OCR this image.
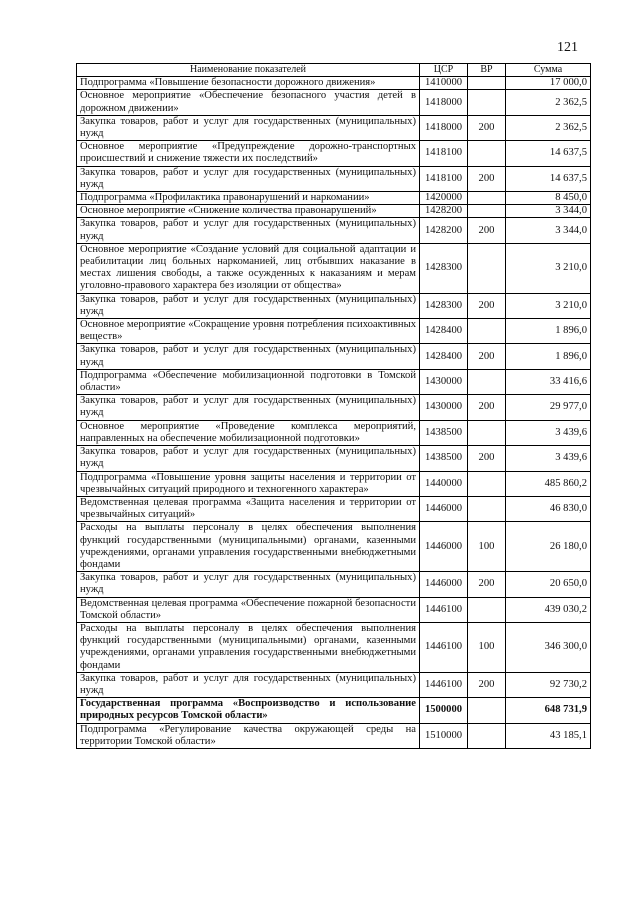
121
Наименование показателей	ЦСР	ВР	Сумма
Подпрограмма «Повышение безопасности дорожного движения»	1410000		17 000,0
Основное мероприятие «Обеспечение безопасного участия детей в дорожном движении»	1418000		2 362,5
Закупка товаров, работ и услуг для государственных (муниципальных) нужд	1418000	200	2 362,5
Основное мероприятие «Предупреждение дорожно-транспортных происшествий и снижение тяжести их последствий»	1418100		14 637,5
Закупка товаров, работ и услуг для государственных (муниципальных) нужд	1418100	200	14 637,5
Подпрограмма «Профилактика правонарушений и наркомании»	1420000		8 450,0
Основное мероприятие «Снижение количества правонарушений»	1428200		3 344,0
Закупка товаров, работ и услуг для государственных (муниципальных) нужд	1428200	200	3 344,0
Основное мероприятие «Создание условий для социальной адаптации и реабилитации лиц больных наркоманией, лиц отбывших наказание в местах лишения свободы, а также осужденных к наказаниям и мерам уголовно-правового характера без изоляции от общества»	1428300		3 210,0
Закупка товаров, работ и услуг для государственных (муниципальных) нужд	1428300	200	3 210,0
Основное мероприятие «Сокращение уровня потребления психоактивных веществ»	1428400		1 896,0
Закупка товаров, работ и услуг для государственных (муниципальных) нужд	1428400	200	1 896,0
Подпрограмма «Обеспечение мобилизационной подготовки в Томской области»	1430000		33 416,6
Закупка товаров, работ и услуг для государственных (муниципальных) нужд	1430000	200	29 977,0
Основное мероприятие «Проведение комплекса мероприятий, направленных на обеспечение мобилизационной подготовки»	1438500		3 439,6
Закупка товаров, работ и услуг для государственных (муниципальных) нужд	1438500	200	3 439,6
Подпрограмма «Повышение уровня защиты населения и территории от чрезвычайных ситуаций природного и техногенного характера»	1440000		485 860,2
Ведомственная целевая программа «Защита населения и территории от чрезвычайных ситуаций»	1446000		46 830,0
Расходы на выплаты персоналу в целях обеспечения выполнения функций государственными (муниципальными) органами, казенными учреждениями, органами управления государственными внебюджетными фондами	1446000	100	26 180,0
Закупка товаров, работ и услуг для государственных (муниципальных) нужд	1446000	200	20 650,0
Ведомственная целевая программа «Обеспечение пожарной безопасности Томской области»	1446100		439 030,2
Расходы на выплаты персоналу в целях обеспечения выполнения функций государственными (муниципальными) органами, казенными учреждениями, органами управления государственными внебюджетными фондами	1446100	100	346 300,0
Закупка товаров, работ и услуг для государственных (муниципальных) нужд	1446100	200	92 730,2
Государственная программа «Воспроизводство и использование природных ресурсов Томской области»	1500000		648 731,9
Подпрограмма «Регулирование качества окружающей среды на территории Томской области»	1510000		43 185,1
